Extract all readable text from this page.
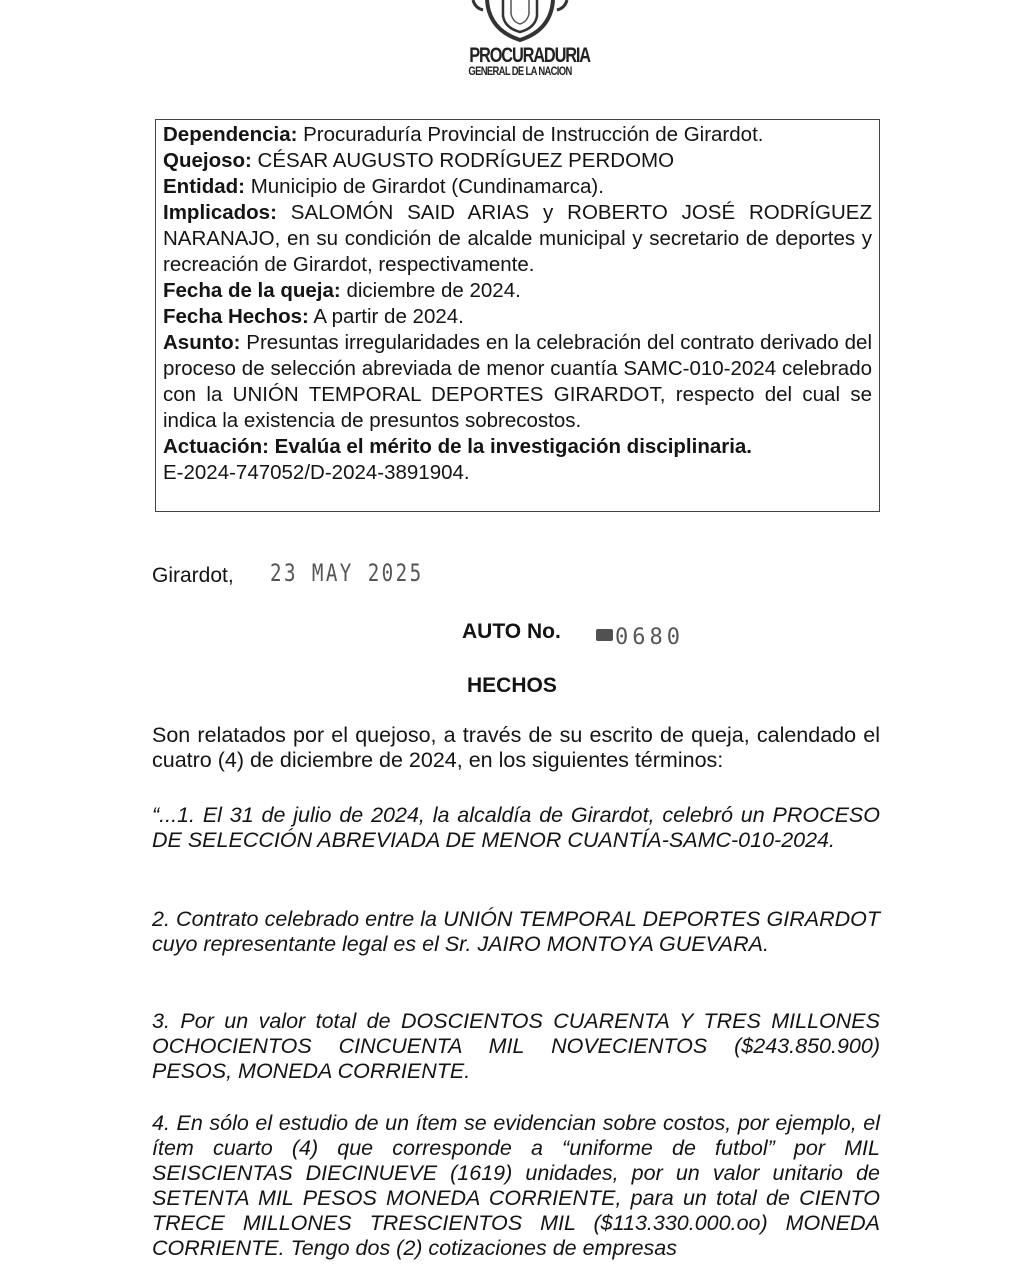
PROCURADURIA
GENERAL DE LA NACION

Dependencia: Procuraduría Provincial de Instrucción de Girardot.

Quejoso: CÉSAR AUGUSTO RODRÍGUEZ PERDOMO

Entidad: Municipio de Girardot (Cundinamarca).

Implicados: SALOMÓN SAID ARIAS y ROBERTO JOSÉ RODRÍGUEZ NARANAJO, en su condición de alcalde municipal y secretario de deportes y recreación de Girardot, respectivamente.

Fecha de la queja: diciembre de 2024.

Fecha Hechos: A partir de 2024.

Asunto: Presuntas irregularidades en la celebración del contrato derivado del proceso de selección abreviada de menor cuantía SAMC-010-2024 celebrado con la UNIÓN TEMPORAL DEPORTES GIRARDOT, respecto del cual se indica la existencia de presuntos sobrecostos.

Actuación: Evalúa el mérito de la investigación disciplinaria.

E-2024-747052/D-2024-3891904.

Girardot, 23 MAY 2025
AUTO No.	0680
HECHOS

Son relatados por el quejoso, a través de su escrito de queja, calendado el cuatro (4) de diciembre de 2024, en los siguientes términos:

“...1. El 31 de julio de 2024, la alcaldía de Girardot, celebró un PROCESO DE SELECCIÓN ABREVIADA DE MENOR CUANTÍA-SAMC-010-2024.

2. Contrato celebrado entre la UNIÓN TEMPORAL DEPORTES GIRARDOT cuyo representante legal es el Sr. JAIRO MONTOYA GUEVARA.

3. Por un valor total de DOSCIENTOS CUARENTA Y TRES MILLONES OCHOCIENTOS CINCUENTA MIL NOVECIENTOS ($243.850.900) PESOS, MONEDA CORRIENTE.

4. En sólo el estudio de un ítem se evidencian sobre costos, por ejemplo, el ítem cuarto (4) que corresponde a “uniforme de futbol” por MIL SEISCIENTAS DIECINUEVE (1619) unidades, por un valor unitario de SETENTA MIL PESOS MONEDA CORRIENTE, para un total de CIENTO TRECE MILLONES TRESCIENTOS MIL ($113.330.000.oo) MONEDA CORRIENTE. Tengo dos (2) cotizaciones de empresas
